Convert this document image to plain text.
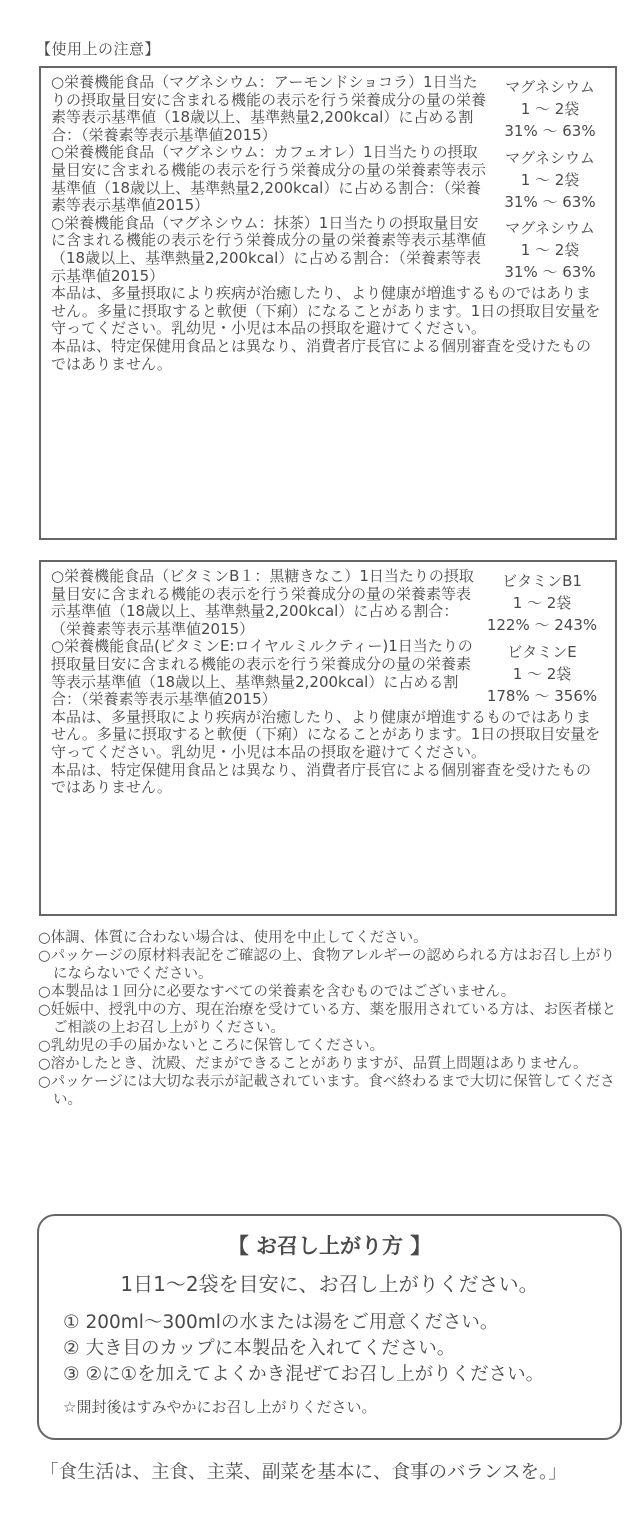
【使用上の注意】
○栄養機能食品（マグネシウム：アーモンドショコラ）1日当たりの摂取量目安に含まれる機能の表示を行う栄養成分の量の栄養素等表示基準値（18歳以上、基準熱量2,200kcal）に占める割合：（栄養素等表示基準値2015）
マグネシウム
1 ～ 2袋
31% ～ 63%
○栄養機能食品（マグネシウム：カフェオレ）1日当たりの摂取量目安に含まれる機能の表示を行う栄養成分の量の栄養素等表示基準値（18歳以上、基準熱量2,200kcal）に占める割合：（栄養素等表示基準値2015）
マグネシウム
1 ～ 2袋
31% ～ 63%
○栄養機能食品（マグネシウム：抹茶）1日当たりの摂取量目安に含まれる機能の表示を行う栄養成分の量の栄養素等表示基準値（18歳以上、基準熱量2,200kcal）に占める割合：（栄養素等表示基準値2015）
マグネシウム
1 ～ 2袋
31% ～ 63%
本品は、多量摂取により疾病が治癒したり、より健康が増進するものではありません。多量に摂取すると軟便（下痢）になることがあります。1日の摂取目安量を守ってください。乳幼児・小児は本品の摂取を避けてください。
本品は、特定保健用食品とは異なり、消費者庁長官による個別審査を受けたものではありません。
○栄養機能食品（ビタミンB１：黒糖きなこ）1日当たりの摂取量目安に含まれる機能の表示を行う栄養成分の量の栄養素等表示基準値（18歳以上、基準熱量2,200kcal）に占める割合：（栄養素等表示基準値2015）
ビタミンB1
1 ～ 2袋
122% ～ 243%
○栄養機能食品(ビタミンE:ロイヤルミルクティー)1日当たりの摂取量目安に含まれる機能の表示を行う栄養成分の量の栄養素等表示基準値（18歳以上、基準熱量2,200kcal）に占める割合：（栄養素等表示基準値2015）
ビタミンE
1 ～ 2袋
178% ～ 356%
本品は、多量摂取により疾病が治癒したり、より健康が増進するものではありません。多量に摂取すると軟便（下痢）になることがあります。1日の摂取目安量を守ってください。乳幼児・小児は本品の摂取を避けてください。
本品は、特定保健用食品とは異なり、消費者庁長官による個別審査を受けたものではありません。
○体調、体質に合わない場合は、使用を中止してください。
○パッケージの原材料表記をご確認の上、食物アレルギーの認められる方はお召し上がりにならないでください。
○本製品は１回分に必要なすべての栄養素を含むものではございません。
○妊娠中、授乳中の方、現在治療を受けている方、薬を服用されている方は、お医者様とご相談の上お召し上がりください。
○乳幼児の手の届かないところに保管してください。
○溶かしたとき、沈殿、だまができることがありますが、品質上問題はありません。
○パッケージには大切な表示が記載されています。食べ終わるまで大切に保管してください。
【 お召し上がり方 】
1日1～2袋を目安に、お召し上がりください。
① 200ml～300mlの水または湯をご用意ください。
② 大き目のカップに本製品を入れてください。
③ ②に①を加えてよくかき混ぜてお召し上がりください。
☆開封後はすみやかにお召し上がりください。
「食生活は、主食、主菜、副菜を基本に、食事のバランスを。」
